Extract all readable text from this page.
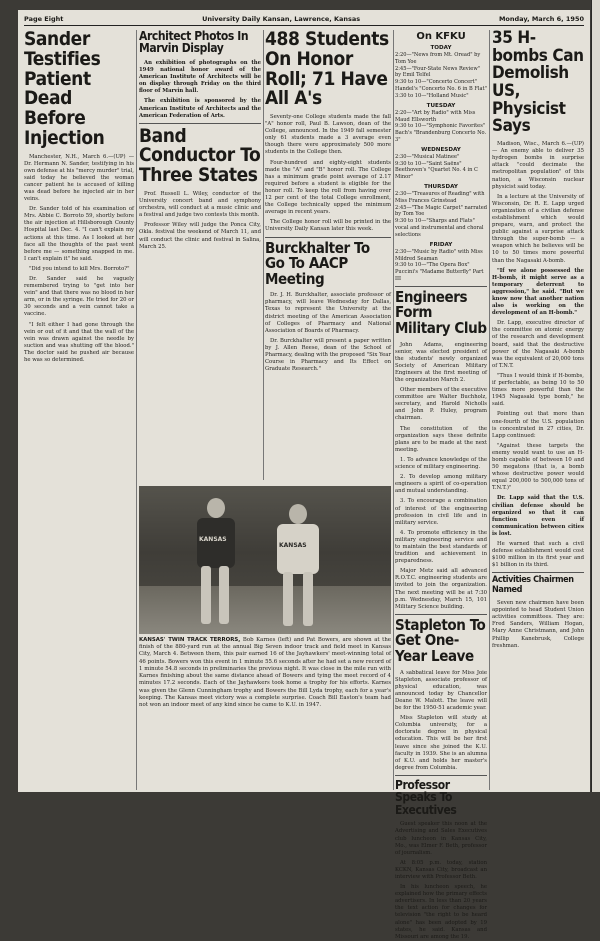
Page Eight	University Daily Kansan, Lawrence, Kansas	Monday, March 6, 1950
Sander Testifies Patient Dead Before Injection

Manchester, N.H., March 6.—(UP) — Dr. Hermann N. Sander, testifying in his own defense at his "mercy murder" trial, said today he believed the woman cancer patient he is accused of killing was dead before he injected air in her veins.

Dr. Sander told of his examination of Mrs. Abbie C. Borroto 59, shortly before the air injection at Hillsborough County Hospital last Dec. 4. "I can't explain my actions at this time. As I looked at her face all the thoughts of the past went before me — something snapped in me. I can't explain it" he said.

"Did you intend to kill Mrs. Borroto?"

Dr. Sander said he vaguely remembered trying to "get into her vein" and that there was no blood in her arm, or in the syringe. He tried for 20 or 30 seconds and a vein cannot take a vaccine.

"I felt either I had gone through the vein or out of it and that the wall of the vein was drawn against the needle by suction and was shutting off the blood." The doctor said he pushed air because he was so determined.

Architect Photos In Marvin Display

An exhibition of photographs on the 1949 national honor award of the American Institute of Architects will be on display through Friday on the third floor of Marvin hall.

The exhibition is sponsored by the American Institute of Architects and the American Federation of Arts.

Band Conductor To Three States

Prof. Russell L. Wiley, conductor of the University concert band and symphony orchestra, will conduct at a music clinic and a festival and judge two contests this month.

Professor Wiley will judge the Ponca City, Okla. festival the weekend of March 11, and will conduct the clinic and festival in Salina, March 25.

488 Students On Honor Roll; 71 Have All A's

Seventy-one College students made the fall "A" honor roll, Paul B. Lawson, dean of the College, announced. In the 1949 fall semester only 61 students made a 3 average even though there were approximately 500 more students in the College then.

Four-hundred and eighty-eight students made the "A" and "B" honor roll. The College has a minimum grade point average of 2.17 required before a student is eligible for the honor roll. To keep the roll from having over 12 per cent of the total College enrollment, the College technically upped the minimum average in recent years.

The College honor roll will be printed in the University Daily Kansan later this week.

Burckhalter To Go To AACP Meeting

Dr. J. H. Burckhalter, associate professor of pharmacy, will leave Wednesday for Dallas, Texas to represent the University at the district meeting of the American Association of Colleges of Pharmacy and National Association of Boards of Pharmacy.

Dr. Burckhalter will present a paper written by J. Allen Reese, dean of the School of Pharmacy, dealing with the proposed "Six Year Course in Pharmacy and Its Effect on Graduate Research."

KANSAS
KANSAS
KANSAS' TWIN TRACK TERRORS, Bob Karnes (left) and Pat Bowers, are shown at the finish of the 880-yard run at the annual Big Seven indoor track and field meet in Kansas City, March 4. Between them, this pair earned 16 of the Jayhawkers' meet-winning total of 46 points. Bowers won this event in 1 minute 55.6 seconds after he had set a new record of 1 minute 54.8 seconds in preliminaries the previous night. It was close in the mile run with Karnes finishing about the same distance ahead of Bowers and tying the meet record of 4 minutes 17.2 seconds. Each of the Jayhawkers took home a trophy for his efforts. Karnes was given the Glenn Cunningham trophy and Bowers the Bill Lyda trophy, each for a year's keeping. The Kansas meet victory was a complete surprise. Coach Bill Easton's team had not won an indoor meet of any kind since he came to K.U. in 1947.
On KFKU
TODAY

2:20—"News from Mt. Oread" by Tom Yoe

2:45—"Four-State News Review" by Emil Telfel

9:30 to 10—"Concerto Concert" Handel's "Concerto No. 6 in B Flat"

3:30 to 10—"Holland Music"

TUESDAY

2:20—"Art by Radio" with Miss Maud Ellsworth

9:30 to 10—"Symphonic Favorites" Bach's "Brandenburg Concerto No. 3"

WEDNESDAY

2:30—"Musical Matinee"

9:30 to 10—"Saint Saëns" Beethoven's "Quartet No. 4 in C Minor"

THURSDAY

2:30—"Treasures of Reading" with Miss Frances Grinstead

2:45—"The Magic Carpet" narrated by Tom Yoe

9:30 to 10—"Sharps and Flats" vocal and instrumental and choral selections

FRIDAY

2:30—"Music by Radio" with Miss Mildred Seaman

9:30 to 10—"The Opera Box" Puccini's "Madame Butterfly" Part III

Engineers Form Military Club

John Adams, engineering senior, was elected president of the students' newly organized Society of American Military Engineers at the first meeting of the organization March 2.

Other members of the executive committee are Walter Buchholz, secretary, and Harold Nicholls and John P. Huley, program chairman.

The constitution of the organization says these definite plans are to be made at the next meeting.

1. To advance knowledge of the science of military engineering.

2. To develop among military engineers a spirit of co-operation and mutual understanding.

3. To encourage a combination of interest of the engineering profession in civil life and in military service.

4. To promote efficiency in the military engineering service and to maintain the best standards of tradition and achievement in preparedness.

Major Metz said all advanced R.O.T.C. engineering students are invited to join the organization. The next meeting will be at 7:30 p.m. Wednesday, March 15, 101 Military Science building.

Stapleton To Get One-Year Leave

A sabbatical leave for Miss Joie Stapleton, associate professor of physical education, was announced today by Chancellor Deane W. Malott. The leave will be for the 1950-51 academic year.

Miss Stapleton will study at Columbia university, for a doctorate degree in physical education. This will be her first leave since she joined the K.U. faculty in 1939. She is an alumna of K.U. and holds her master's degree from Columbia.

Professor Speaks To Executives

Guest speaker this noon at the Advertising and Sales Executives club luncheon in Kansas City, Mo., was Elmer F. Beth, professor of journalism.

At 8:05 p.m. today, station KCKN, Kansas City, broadcast an interview with Professor Beth.

In his luncheon speech, he explained how the primary effects advertisers. In less than 20 years the text action for changes for television "the right to be heard alone" has been adopted by 19 states, he said. Kansas and Missouri are among the 19.

35 H-bombs Can Demolish US, Physicist Says

Madison, Wisc., March 6.—(UP) — An enemy able to deliver 35 hydrogen bombs in surprise attack "could decimate the metropolitan population" of this nation, a Wisconsin nuclear physicist said today.

In a lecture at the University of Wisconsin, Dr. R. E. Lapp urged organization of a civilian defense establishment which would prepare, warn, and protect the public against a surprise attack through the super-bomb — a weapon which he believes will be 10 to 50 times more powerful than the Nagasaki A-bomb.

"If we alone possessed the H-bomb, it might serve as a temporary deterrent to aggression," he said. "But we know now that another nation also is working on the development of an H-bomb."

Dr. Lapp, executive director of the committee on atomic energy of the research and development board, said that the destructive power of the Nagasaki A-bomb was the equivalent of 20,000 tons of T.N.T.

"Thus I would think if H-bombs, if perfectable, as being 10 to 50 times more powerful than the 1945 Nagasaki type bomb," he said.

Pointing out that more than one-fourth of the U.S. population is concentrated in 27 cities, Dr. Lapp continued:

"Against these targets the enemy would want to use an H-bomb capable of between 10 and 50 megatons (that is, a bomb whose destructive power would equal 200,000 to 500,000 tons of T.N.T.)"

Dr. Lapp said that the U.S. civilian defense should be organized so that it can function even if communication between cities is lost.

He warned that such a civil defense establishment would cost $100 million in its first year and $1 billion in its third.

Activities Chairmen Named

Seven new chairmen have been appointed to head Student Union activities committees. They are: Fred Sanders, William Hogan, Mary Anne Christmann, and John Phillip Kanebrusk, College freshman.
